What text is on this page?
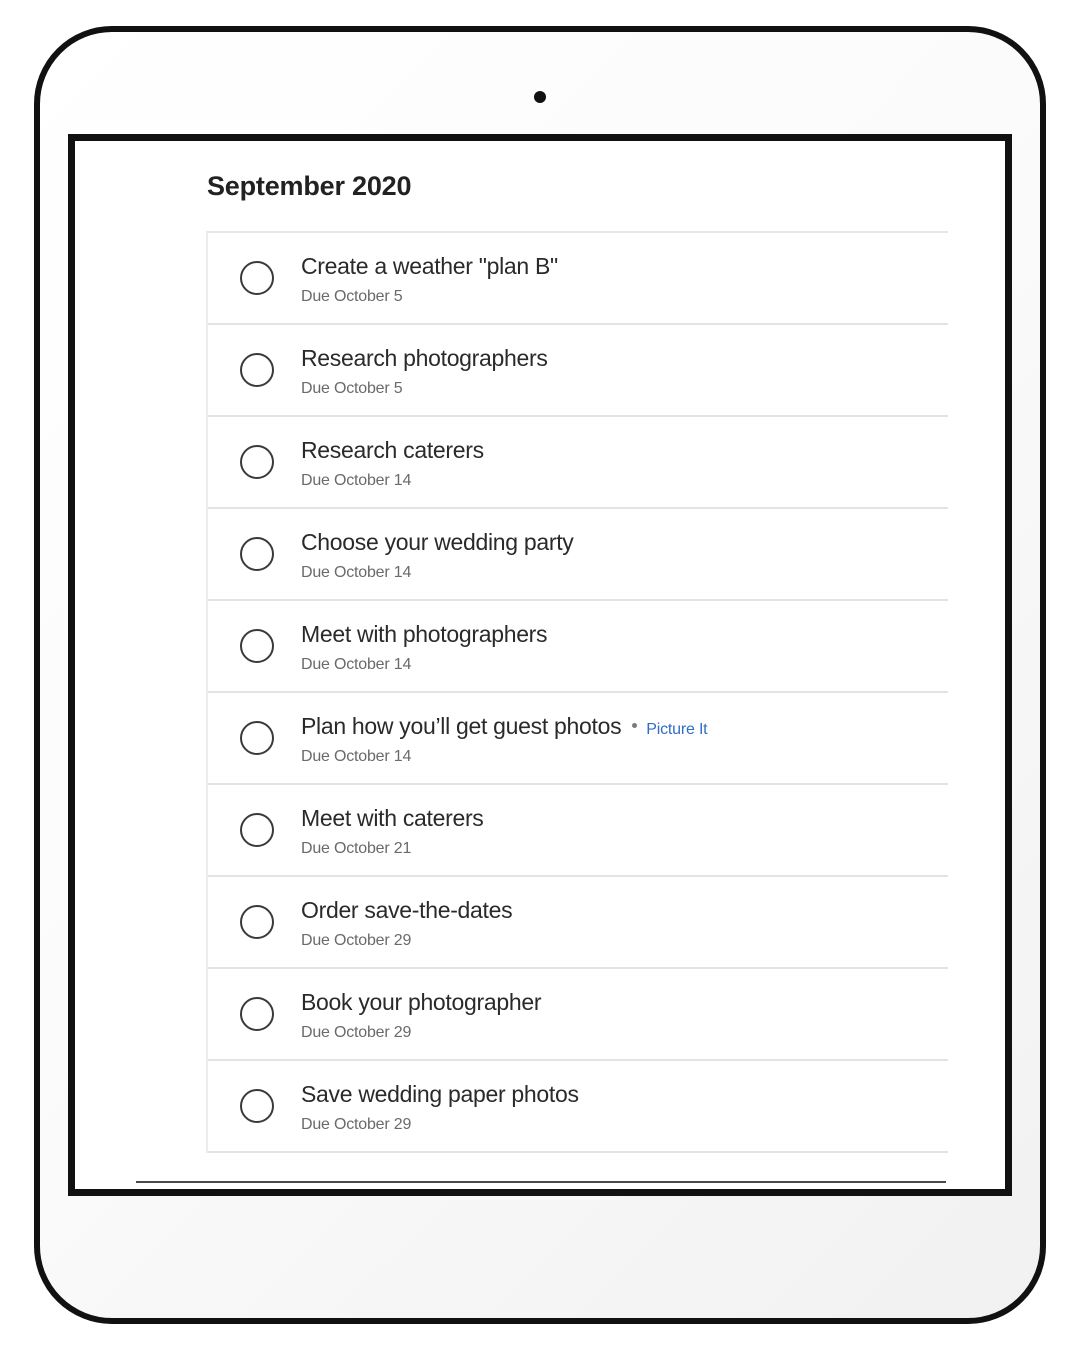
September 2020
Create a weather "plan B"
Due October 5
Research photographers
Due October 5
Research caterers
Due October 14
Choose your wedding party
Due October 14
Meet with photographers
Due October 14
Plan how you’ll get guest photos Picture It
Due October 14
Meet with caterers
Due October 21
Order save-the-dates
Due October 29
Book your photographer
Due October 29
Save wedding paper photos
Due October 29
